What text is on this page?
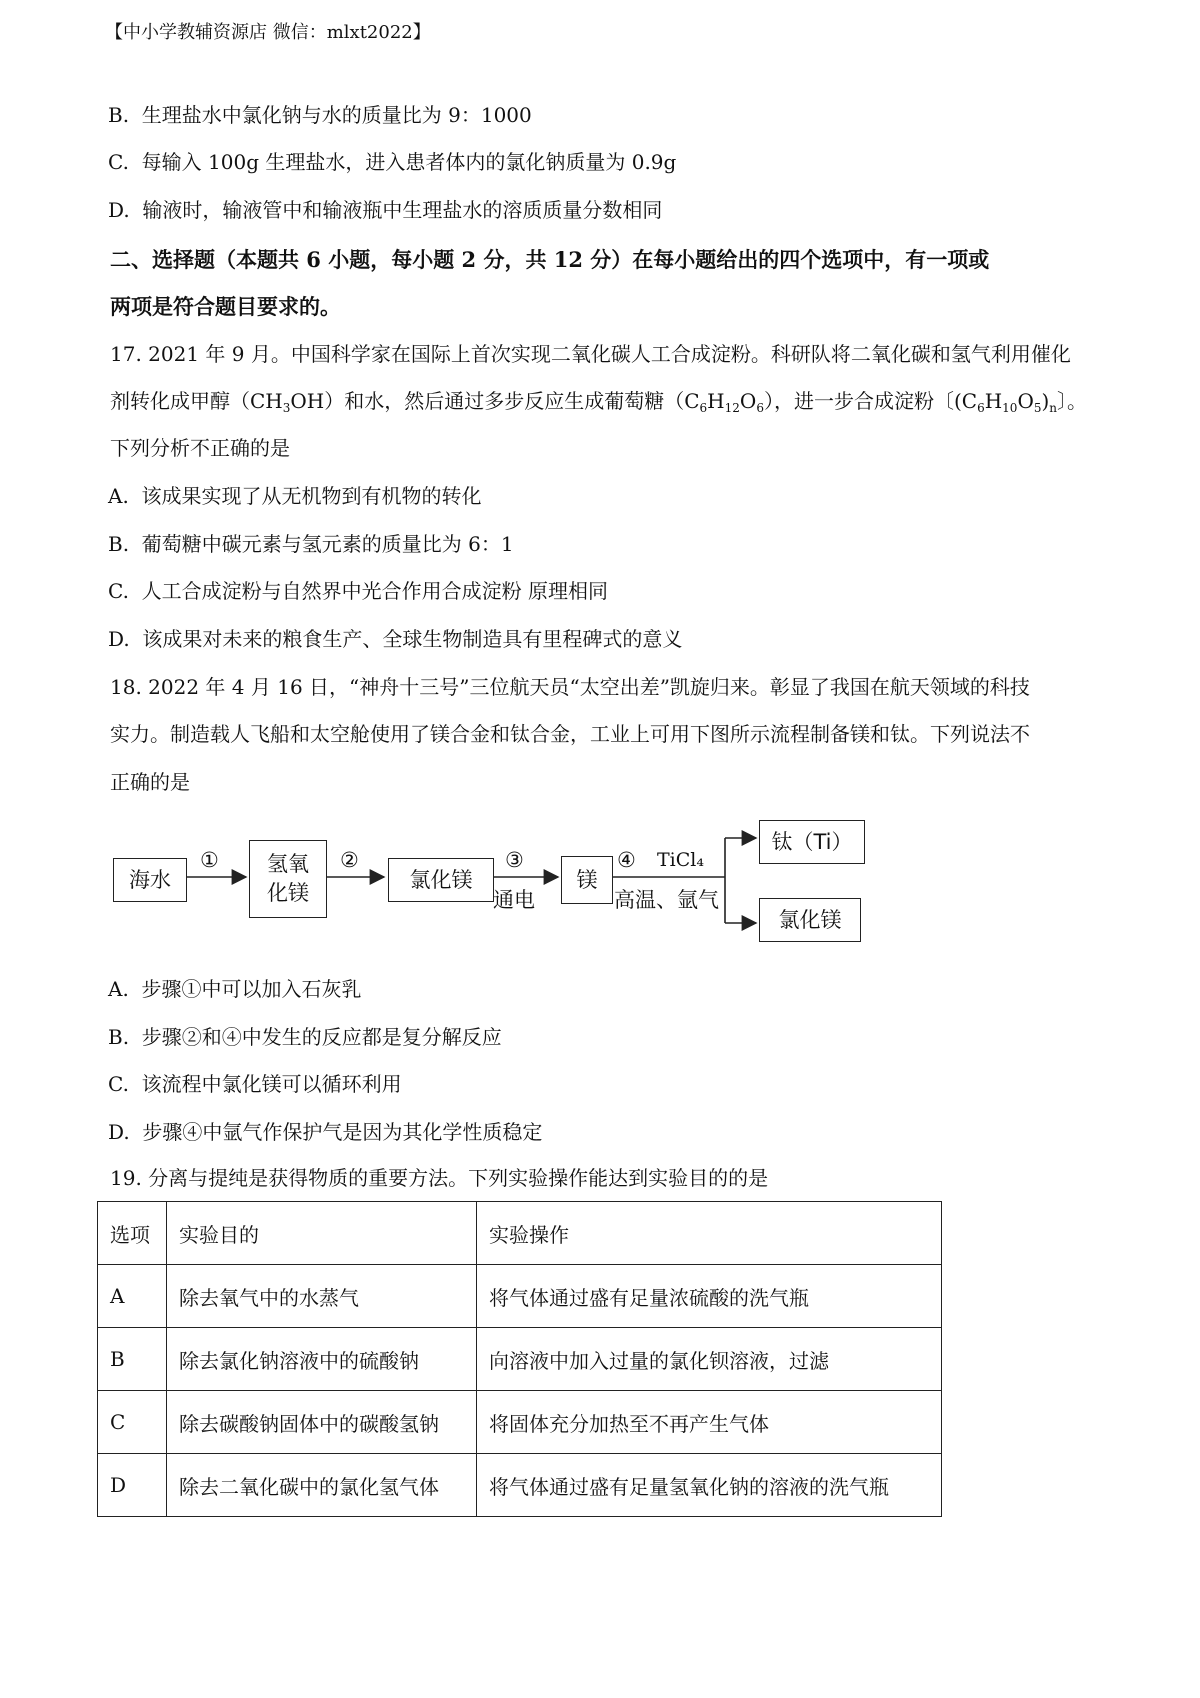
【中小学教辅资源店 微信：mlxt2022】
B. 生理盐水中氯化钠与水的质量比为 9：1000
C. 每输入 100g 生理盐水，进入患者体内的氯化钠质量为 0.9g
D. 输液时，输液管中和输液瓶中生理盐水的溶质质量分数相同
二、选择题（本题共 6 小题，每小题 2 分，共 12 分）在每小题给出的四个选项中，有一项或
两项是符合题目要求的。
17. 2021 年 9 月。中国科学家在国际上首次实现二氧化碳人工合成淀粉。科研队将二氧化碳和氢气利用催化
剂转化成甲醇$(CH_3OH)$和水，然后通过多步反应生成葡萄糖$(C_6H_{12}O_6)$，进一步合成淀粉〔$(C_6H_{10}O_5)_n$〕。
下列分析不正确的是
A. 该成果实现了从无机物到有机物的转化
B. 葡萄糖中碳元素与氢元素的质量比为 6：1
C. 人工合成淀粉与自然界中光合作用合成淀粉 原理相同
D. 该成果对未来的粮食生产、全球生物制造具有里程碑式的意义
18. 2022 年 4 月 16 日，“神舟十三号”三位航天员“太空出差”凯旋归来。彰显了我国在航天领域的科技
实力。制造载人飞船和太空舱使用了镁合金和钛合金，工业上可用下图所示流程制备镁和钛。下列说法不
正确的是
海水
氢氧
化镁
氯化镁	镁
钛（Ti）
氯化镁
①	②	③
通电
④ TiCl₄
高温、氩气
A. 步骤①中可以加入石灰乳
B. 步骤②和④中发生的反应都是复分解反应
C. 该流程中氯化镁可以循环利用
D. 步骤④中氩气作保护气是因为其化学性质稳定
19. 分离与提纯是获得物质的重要方法。下列实验操作能达到实验目的的是
选项	实验目的	实验操作
A	除去氧气中的水蒸气	将气体通过盛有足量浓硫酸的洗气瓶
B	除去氯化钠溶液中的硫酸钠	向溶液中加入过量的氯化钡溶液，过滤
C	除去碳酸钠固体中的碳酸氢钠	将固体充分加热至不再产生气体
D	除去二氧化碳中的氯化氢气体	将气体通过盛有足量氢氧化钠的溶液的洗气瓶
